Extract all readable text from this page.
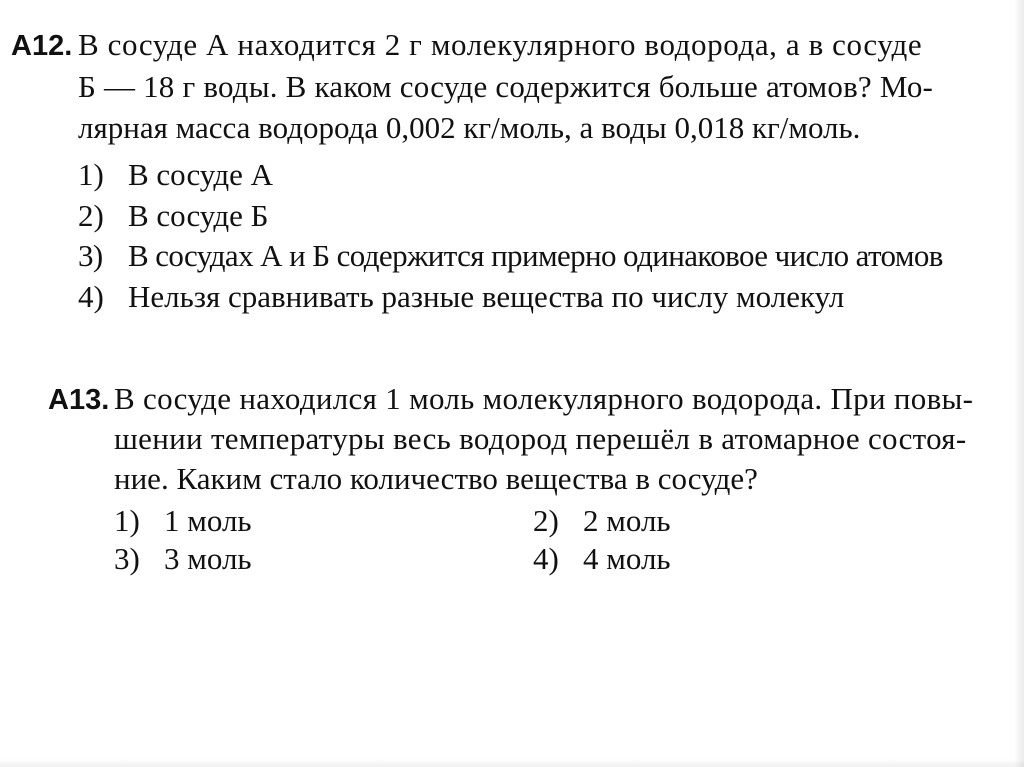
A12. В сосуде А находится 2 г молекулярного водорода, а в сосуде
Б — 18 г воды. В каком сосуде содержится больше атомов? Мо-
лярная масса водорода 0,002 кг/моль, а воды 0,018 кг/моль.
1) В сосуде А
2) В сосуде Б
3) В сосудах А и Б содержится примерно одинаковое число атомов
4) Нельзя сравнивать разные вещества по числу молекул
A13. В сосуде находился 1 моль молекулярного водорода. При повы-
шении температуры весь водород перешёл в атомарное состоя-
ние. Каким стало количество вещества в сосуде?
1) 1 моль	2) 2 моль
3) 3 моль	4) 4 моль
